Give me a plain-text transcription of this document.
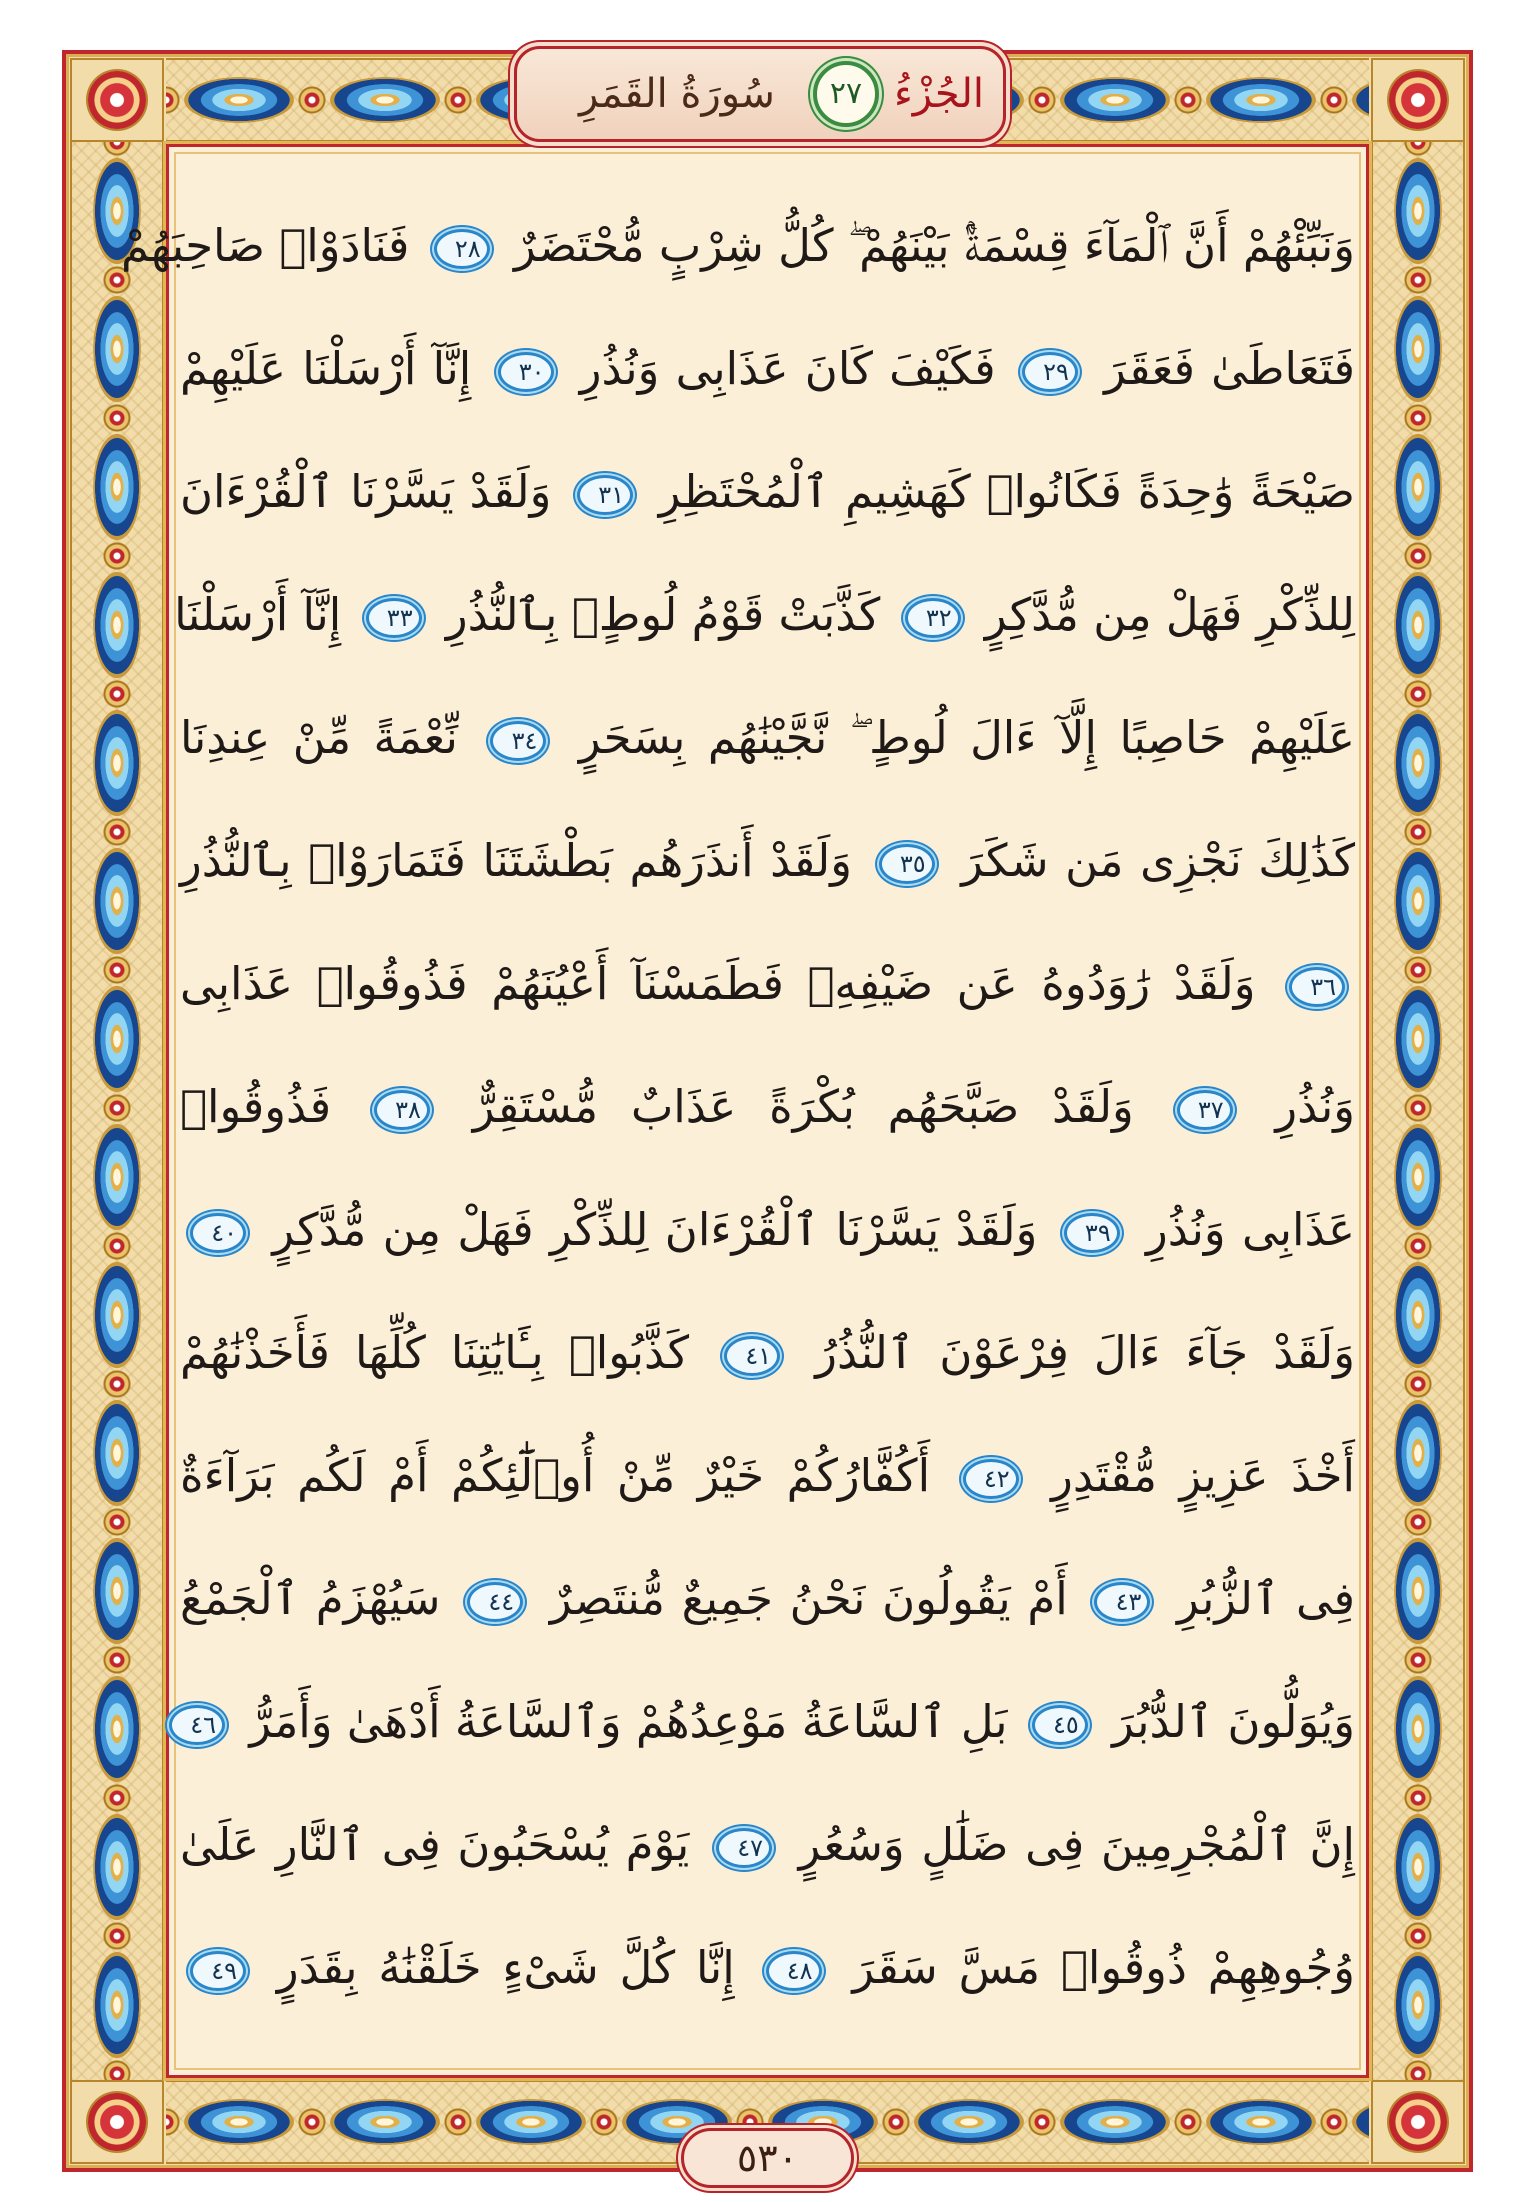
الجُزْءُ
٢٧
سُورَةُ القَمَرِ
وَنَبِّئْهُمْ أَنَّ ٱلْمَآءَ قِسْمَةٌۢ بَيْنَهُمْ ۖ كُلُّ شِرْبٍ مُّحْتَضَرٌ ٢٨ فَنَادَوْا۟ صَاحِبَهُمْ
فَتَعَاطَىٰ فَعَقَرَ ٢٩ فَكَيْفَ كَانَ عَذَابِى وَنُذُرِ ٣٠ إِنَّآ أَرْسَلْنَا عَلَيْهِمْ
صَيْحَةً وَٰحِدَةً فَكَانُوا۟ كَهَشِيمِ ٱلْمُحْتَظِرِ ٣١ وَلَقَدْ يَسَّرْنَا ٱلْقُرْءَانَ
لِلذِّكْرِ فَهَلْ مِن مُّدَّكِرٍ ٣٢ كَذَّبَتْ قَوْمُ لُوطٍۭ بِٱلنُّذُرِ ٣٣ إِنَّآ أَرْسَلْنَا
عَلَيْهِمْ حَاصِبًا إِلَّآ ءَالَ لُوطٍ ۖ نَّجَّيْنَٰهُم بِسَحَرٍ ٣٤ نِّعْمَةً مِّنْ عِندِنَا
كَذَٰلِكَ نَجْزِى مَن شَكَرَ ٣٥ وَلَقَدْ أَنذَرَهُم بَطْشَتَنَا فَتَمَارَوْا۟ بِٱلنُّذُرِ
٣٦ وَلَقَدْ رَٰوَدُوهُ عَن ضَيْفِهِۦ فَطَمَسْنَآ أَعْيُنَهُمْ فَذُوقُوا۟ عَذَابِى
وَنُذُرِ ٣٧ وَلَقَدْ صَبَّحَهُم بُكْرَةً عَذَابٌ مُّسْتَقِرٌّ ٣٨ فَذُوقُوا۟
عَذَابِى وَنُذُرِ ٣٩ وَلَقَدْ يَسَّرْنَا ٱلْقُرْءَانَ لِلذِّكْرِ فَهَلْ مِن مُّدَّكِرٍ ٤٠
وَلَقَدْ جَآءَ ءَالَ فِرْعَوْنَ ٱلنُّذُرُ ٤١ كَذَّبُوا۟ بِـَٔايَٰتِنَا كُلِّهَا فَأَخَذْنَٰهُمْ
أَخْذَ عَزِيزٍ مُّقْتَدِرٍ ٤٢ أَكُفَّارُكُمْ خَيْرٌ مِّنْ أُو۟لَٰٓئِكُمْ أَمْ لَكُم بَرَآءَةٌ
فِى ٱلزُّبُرِ ٤٣ أَمْ يَقُولُونَ نَحْنُ جَمِيعٌ مُّنتَصِرٌ ٤٤ سَيُهْزَمُ ٱلْجَمْعُ
وَيُوَلُّونَ ٱلدُّبُرَ ٤٥ بَلِ ٱلسَّاعَةُ مَوْعِدُهُمْ وَٱلسَّاعَةُ أَدْهَىٰ وَأَمَرُّ ٤٦
إِنَّ ٱلْمُجْرِمِينَ فِى ضَلَٰلٍ وَسُعُرٍ ٤٧ يَوْمَ يُسْحَبُونَ فِى ٱلنَّارِ عَلَىٰ
وُجُوهِهِمْ ذُوقُوا۟ مَسَّ سَقَرَ ٤٨ إِنَّا كُلَّ شَىْءٍ خَلَقْنَٰهُ بِقَدَرٍ ٤٩
٥٣٠
